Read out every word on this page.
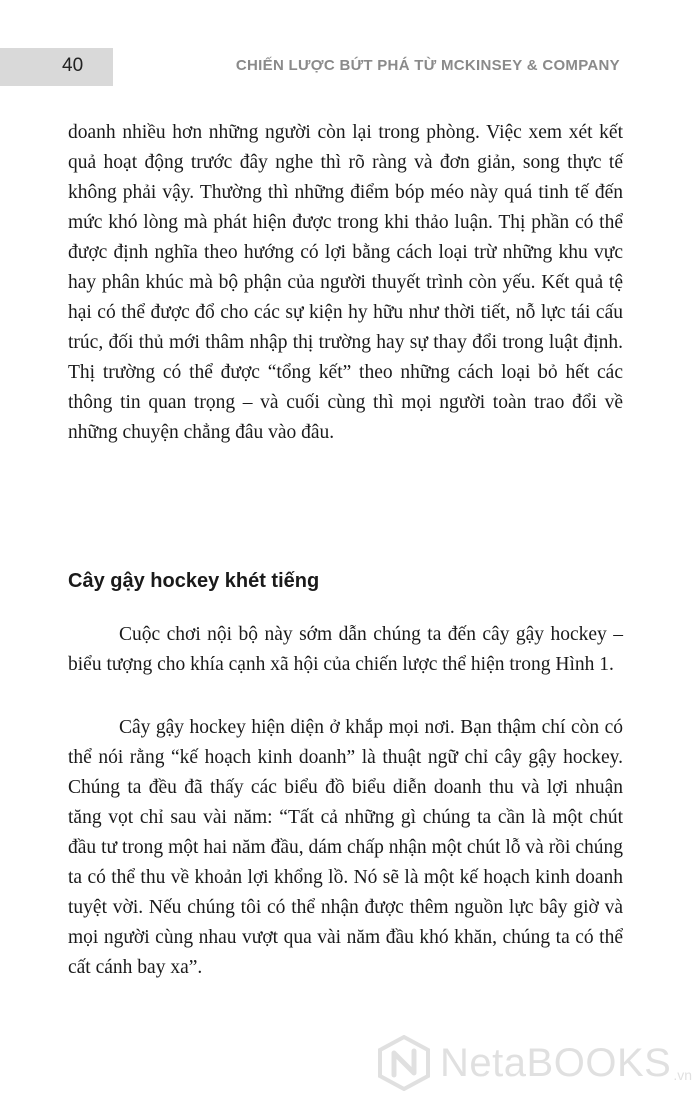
40	CHIẾN LƯỢC BỨT PHÁ TỪ MCKINSEY & COMPANY

doanh nhiều hơn những người còn lại trong phòng. Việc xem xét kết quả hoạt động trước đây nghe thì rõ ràng và đơn giản, song thực tế không phải vậy. Thường thì những điểm bóp méo này quá tinh tế đến mức khó lòng mà phát hiện được trong khi thảo luận. Thị phần có thể được định nghĩa theo hướng có lợi bằng cách loại trừ những khu vực hay phân khúc mà bộ phận của người thuyết trình còn yếu. Kết quả tệ hại có thể được đổ cho các sự kiện hy hữu như thời tiết, nỗ lực tái cấu trúc, đối thủ mới thâm nhập thị trường hay sự thay đổi trong luật định. Thị trường có thể được “tổng kết” theo những cách loại bỏ hết các thông tin quan trọng – và cuối cùng thì mọi người toàn trao đổi về những chuyện chẳng đâu vào đâu.

Cây gậy hockey khét tiếng

Cuộc chơi nội bộ này sớm dẫn chúng ta đến cây gậy hockey – biểu tượng cho khía cạnh xã hội của chiến lược thể hiện trong Hình 1.

Cây gậy hockey hiện diện ở khắp mọi nơi. Bạn thậm chí còn có thể nói rằng “kế hoạch kinh doanh” là thuật ngữ chỉ cây gậy hockey. Chúng ta đều đã thấy các biểu đồ biểu diễn doanh thu và lợi nhuận tăng vọt chỉ sau vài năm: “Tất cả những gì chúng ta cần là một chút đầu tư trong một hai năm đầu, dám chấp nhận một chút lỗ và rồi chúng ta có thể thu về khoản lợi khổng lồ. Nó sẽ là một kế hoạch kinh doanh tuyệt vời. Nếu chúng tôi có thể nhận được thêm nguồn lực bây giờ và mọi người cùng nhau vượt qua vài năm đầu khó khăn, chúng ta có thể cất cánh bay xa”.

NetaBOOKS .vn
